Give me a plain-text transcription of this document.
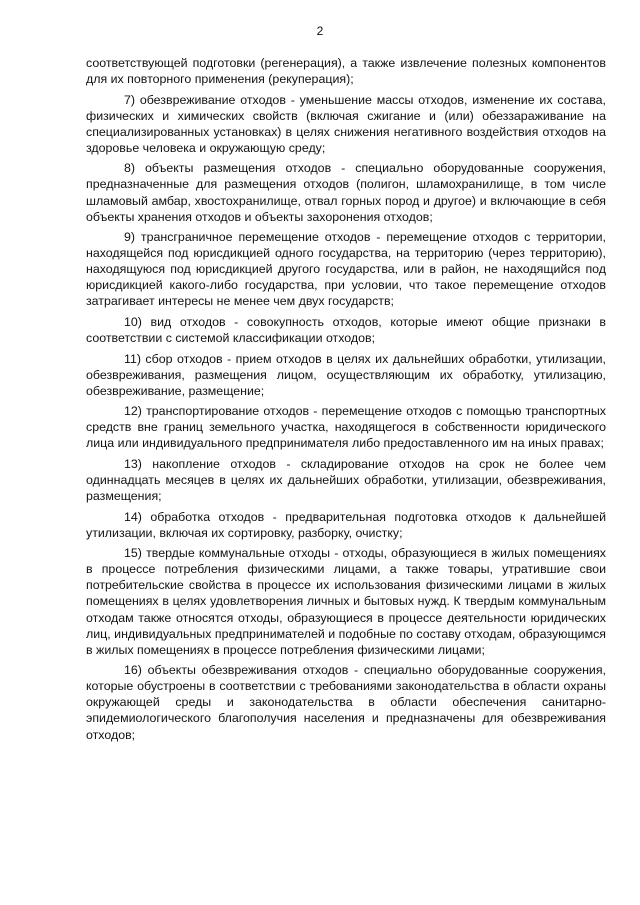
2

соответствующей подготовки (регенерация), а также извлечение полезных компонентов для их повторного применения (рекуперация);

7) обезвреживание отходов - уменьшение массы отходов, изменение их состава, физических и химических свойств (включая сжигание и (или) обеззараживание на специализированных установках) в целях снижения негативного воздействия отходов на здоровье человека и окружающую среду;

8) объекты размещения отходов - специально оборудованные сооружения, предназначенные для размещения отходов (полигон, шламохранилище, в том числе шламовый амбар, хвостохранилище, отвал горных пород и другое) и включающие в себя объекты хранения отходов и объекты захоронения отходов;

9) трансграничное перемещение отходов - перемещение отходов с территории, находящейся под юрисдикцией одного государства, на территорию (через территорию), находящуюся под юрисдикцией другого государства, или в район, не находящийся под юрисдикцией какого-либо государства, при условии, что такое перемещение отходов затрагивает интересы не менее чем двух государств;

10) вид отходов - совокупность отходов, которые имеют общие признаки в соответствии с системой классификации отходов;

11) сбор отходов - прием отходов в целях их дальнейших обработки, утилизации, обезвреживания, размещения лицом, осуществляющим их обработку, утилизацию, обезвреживание, размещение;

12) транспортирование отходов - перемещение отходов с помощью транспортных средств вне границ земельного участка, находящегося в собственности юридического лица или индивидуального предпринимателя либо предоставленного им на иных правах;

13) накопление отходов - складирование отходов на срок не более чем одиннадцать месяцев в целях их дальнейших обработки, утилизации, обезвреживания, размещения;

14) обработка отходов - предварительная подготовка отходов к дальнейшей утилизации, включая их сортировку, разборку, очистку;

15) твердые коммунальные отходы - отходы, образующиеся в жилых помещениях в процессе потребления физическими лицами, а также товары, утратившие свои потребительские свойства в процессе их использования физическими лицами в жилых помещениях в целях удовлетворения личных и бытовых нужд. К твердым коммунальным отходам также относятся отходы, образующиеся в процессе деятельности юридических лиц, индивидуальных предпринимателей и подобные по составу отходам, образующимся в жилых помещениях в процессе потребления физическими лицами;

16) объекты обезвреживания отходов - специально оборудованные сооружения, которые обустроены в соответствии с требованиями законодательства в области охраны окружающей среды и законодательства в области обеспечения санитарно-эпидемиологического благополучия населения и предназначены для обезвреживания отходов;
